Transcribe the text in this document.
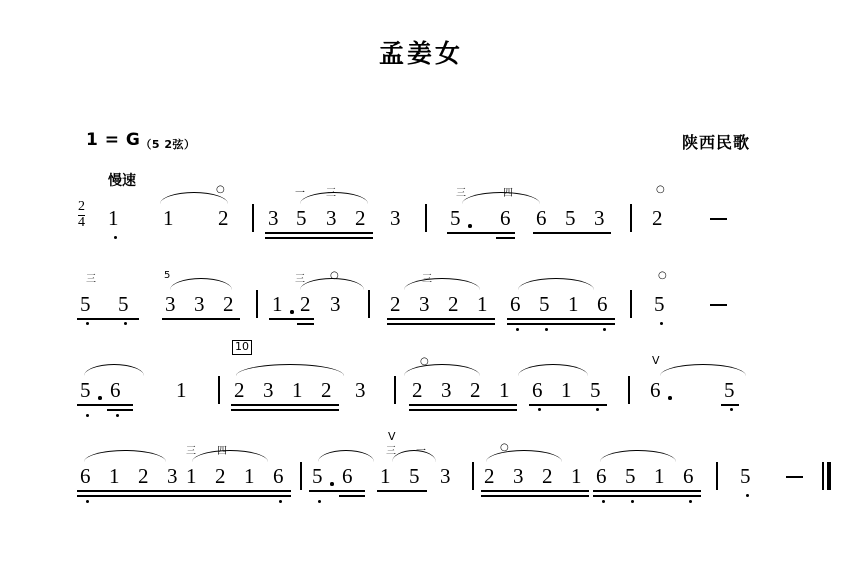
孟姜女
$1 = G_{(5 2弦)}$	陕西民歌
慢速
$\frac{2}{4} 1$
○
1 2
一 三
3 5 3 2 3
三	四
5 6 6 5 3
○
2
三
5 5
5
3 3 2
三	○
1 2 3
三
2 3 2 1 6 5 1 6
○
5
5 6	1
10
2 3 1 2 3
○
2 3 2 1 6 1 5
V
6	5
6 1 2 3
三 四
1 2 1 6 5 6
V
三 一
1 5 3
○
2 3 2 1 6 5 1 6 5
